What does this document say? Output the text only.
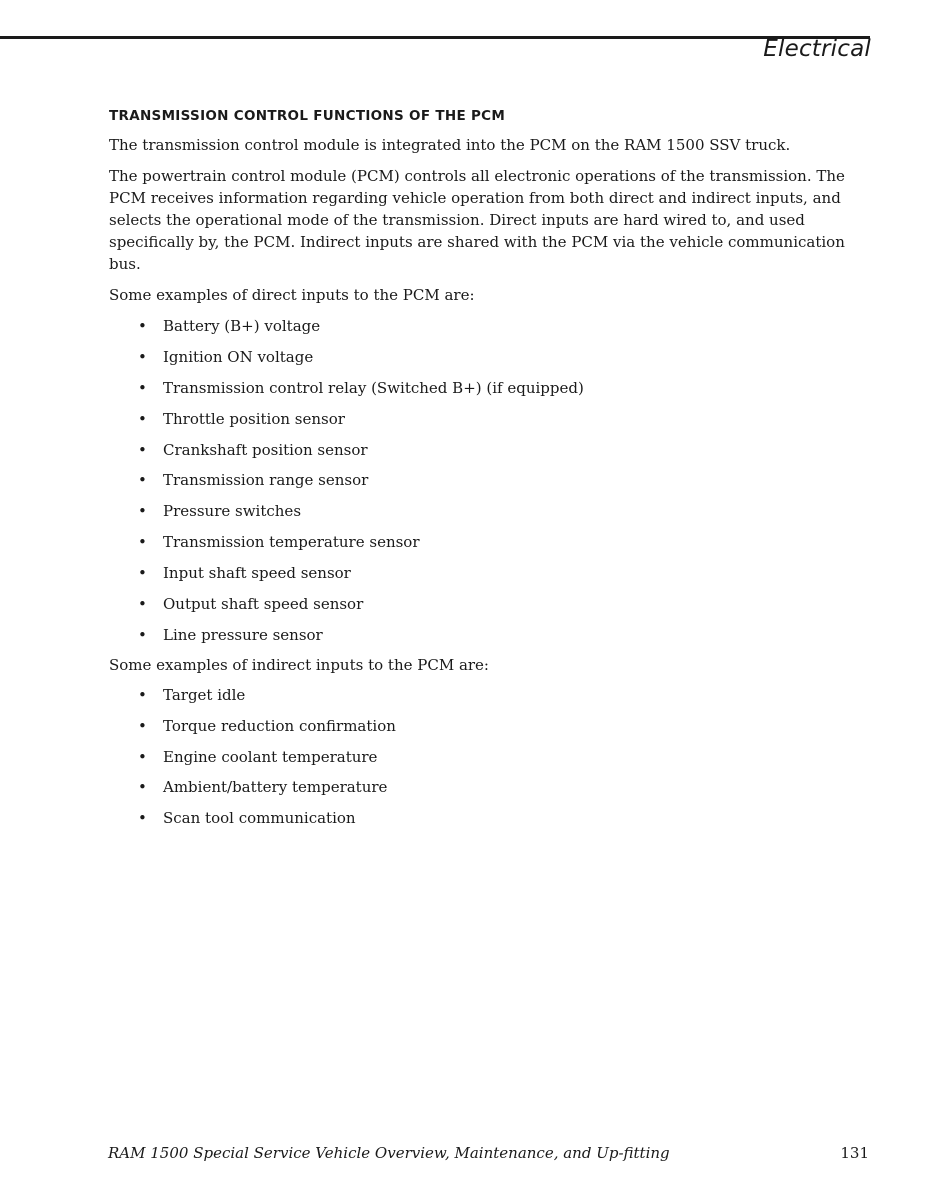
Electrical
TRANSMISSION CONTROL FUNCTIONS OF THE PCM

The transmission control module is integrated into the PCM on the RAM 1500 SSV truck.

The powertrain control module (PCM) controls all electronic operations of the transmission. The PCM receives information regarding vehicle operation from both direct and indirect inputs, and selects the operational mode of the transmission. Direct inputs are hard wired to, and used specifically by, the PCM. Indirect inputs are shared with the PCM via the vehicle communication bus.

Some examples of direct inputs to the PCM are:

• Battery (B+) voltage
• Ignition ON voltage
• Transmission control relay (Switched B+) (if equipped)
• Throttle position sensor
• Crankshaft position sensor
• Transmission range sensor
• Pressure switches
• Transmission temperature sensor
• Input shaft speed sensor
• Output shaft speed sensor
• Line pressure sensor

Some examples of indirect inputs to the PCM are:

• Target idle
• Torque reduction confirmation
• Engine coolant temperature
• Ambient/battery temperature
• Scan tool communication
RAM 1500 Special Service Vehicle Overview, Maintenance, and Up-fitting	131
